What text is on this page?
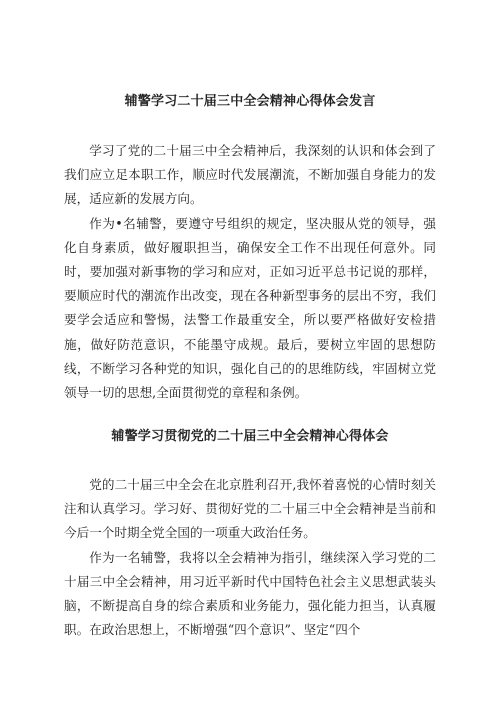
辅警学习二十届三中全会精神心得体会发言

学习了党的二十届三中全会精神后，我深刻的认识和体会到了我们应立足本职工作，顺应时代发展潮流，不断加强自身能力的发展，适应新的发展方向。

作为•名辅警，要遵守号组织的规定，坚决服从党的领导，强化自身素质，做好履职担当，确保安全工作不出现任何意外。同时，要加强对新事物的学习和应对，正如习近平总书记说的那样，要顺应时代的潮流作出改变，现在各种新型事务的层出不穷，我们要学会适应和警惕，法警工作最重安全，所以要严格做好安检措施，做好防范意识，不能墨守成规。最后，要树立牢固的思想防线，不断学习各种党的知识，强化自己的的思维防线，牢固树立党领导一切的思想,全面贯彻党的章程和条例。

辅警学习贯彻党的二十届三中全会精神心得体会

党的二十届三中全会在北京胜利召开,我怀着喜悦的心情时刻关注和认真学习。学习好、贯彻好党的二十届三中全会精神是当前和今后一个时期全党全国的一项重大政治任务。

作为一名辅警，我将以全会精神为指引，继续深入学习党的二十届三中全会精神，用习近平新时代中国特色社会主义思想武装头脑，不断提高自身的综合素质和业务能力，强化能力担当，认真履职。在政治思想上，不断增强“四个意识”、坚定“四个
